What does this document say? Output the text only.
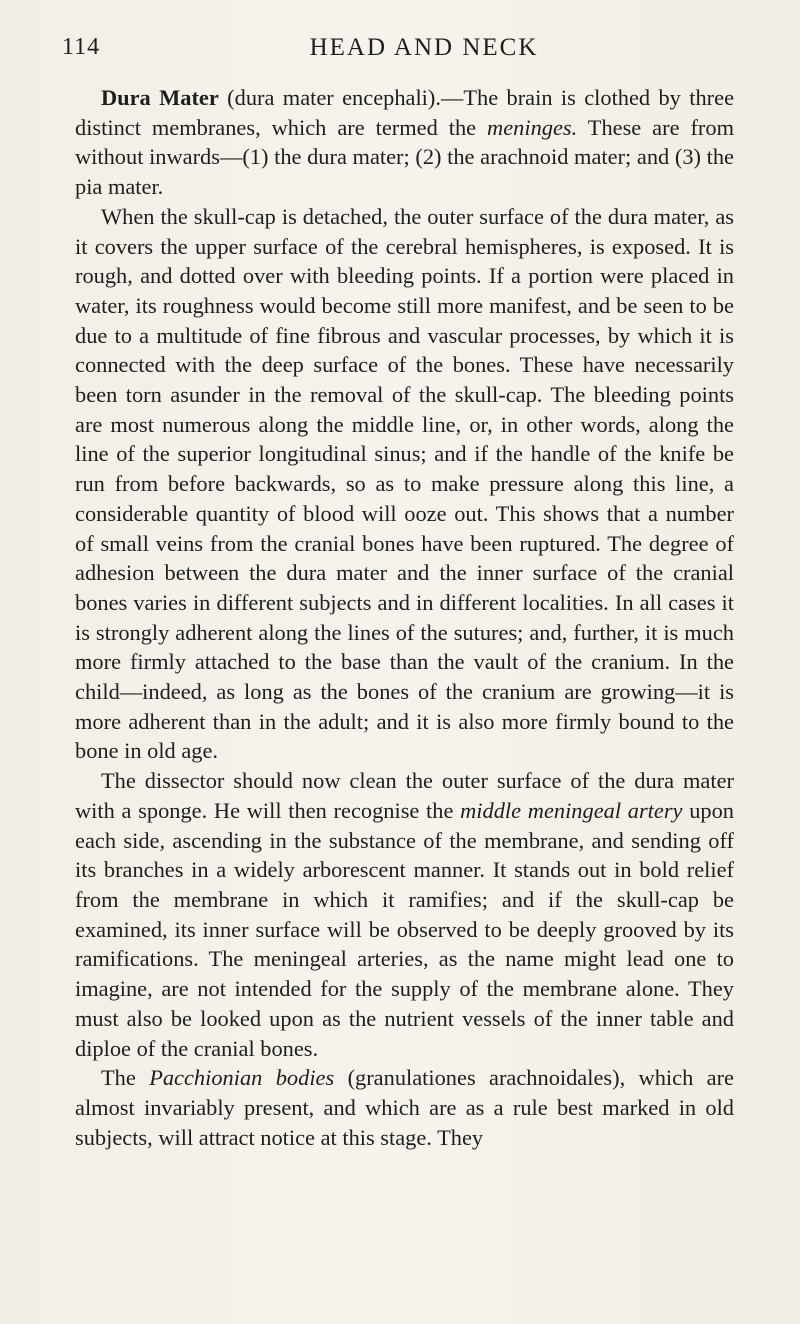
114	HEAD AND NECK

Dura Mater (dura mater encephali).—The brain is clothed by three distinct membranes, which are termed the meninges. These are from without inwards—(1) the dura mater; (2) the arachnoid mater; and (3) the pia mater.

When the skull-cap is detached, the outer surface of the dura mater, as it covers the upper surface of the cerebral hemispheres, is exposed. It is rough, and dotted over with bleeding points. If a portion were placed in water, its roughness would become still more manifest, and be seen to be due to a multitude of fine fibrous and vascular processes, by which it is connected with the deep surface of the bones. These have necessarily been torn asunder in the removal of the skull-cap. The bleeding points are most numerous along the middle line, or, in other words, along the line of the superior longitudinal sinus; and if the handle of the knife be run from before backwards, so as to make pressure along this line, a considerable quantity of blood will ooze out. This shows that a number of small veins from the cranial bones have been ruptured. The degree of adhesion between the dura mater and the inner surface of the cranial bones varies in different subjects and in different localities. In all cases it is strongly adherent along the lines of the sutures; and, further, it is much more firmly attached to the base than the vault of the cranium. In the child—indeed, as long as the bones of the cranium are growing—it is more adherent than in the adult; and it is also more firmly bound to the bone in old age.

The dissector should now clean the outer surface of the dura mater with a sponge. He will then recognise the middle meningeal artery upon each side, ascending in the substance of the membrane, and sending off its branches in a widely arborescent manner. It stands out in bold relief from the membrane in which it ramifies; and if the skull-cap be examined, its inner surface will be observed to be deeply grooved by its ramifications. The meningeal arteries, as the name might lead one to imagine, are not intended for the supply of the membrane alone. They must also be looked upon as the nutrient vessels of the inner table and diploe of the cranial bones.

The Pacchionian bodies (granulationes arachnoidales), which are almost invariably present, and which are as a rule best marked in old subjects, will attract notice at this stage. They
